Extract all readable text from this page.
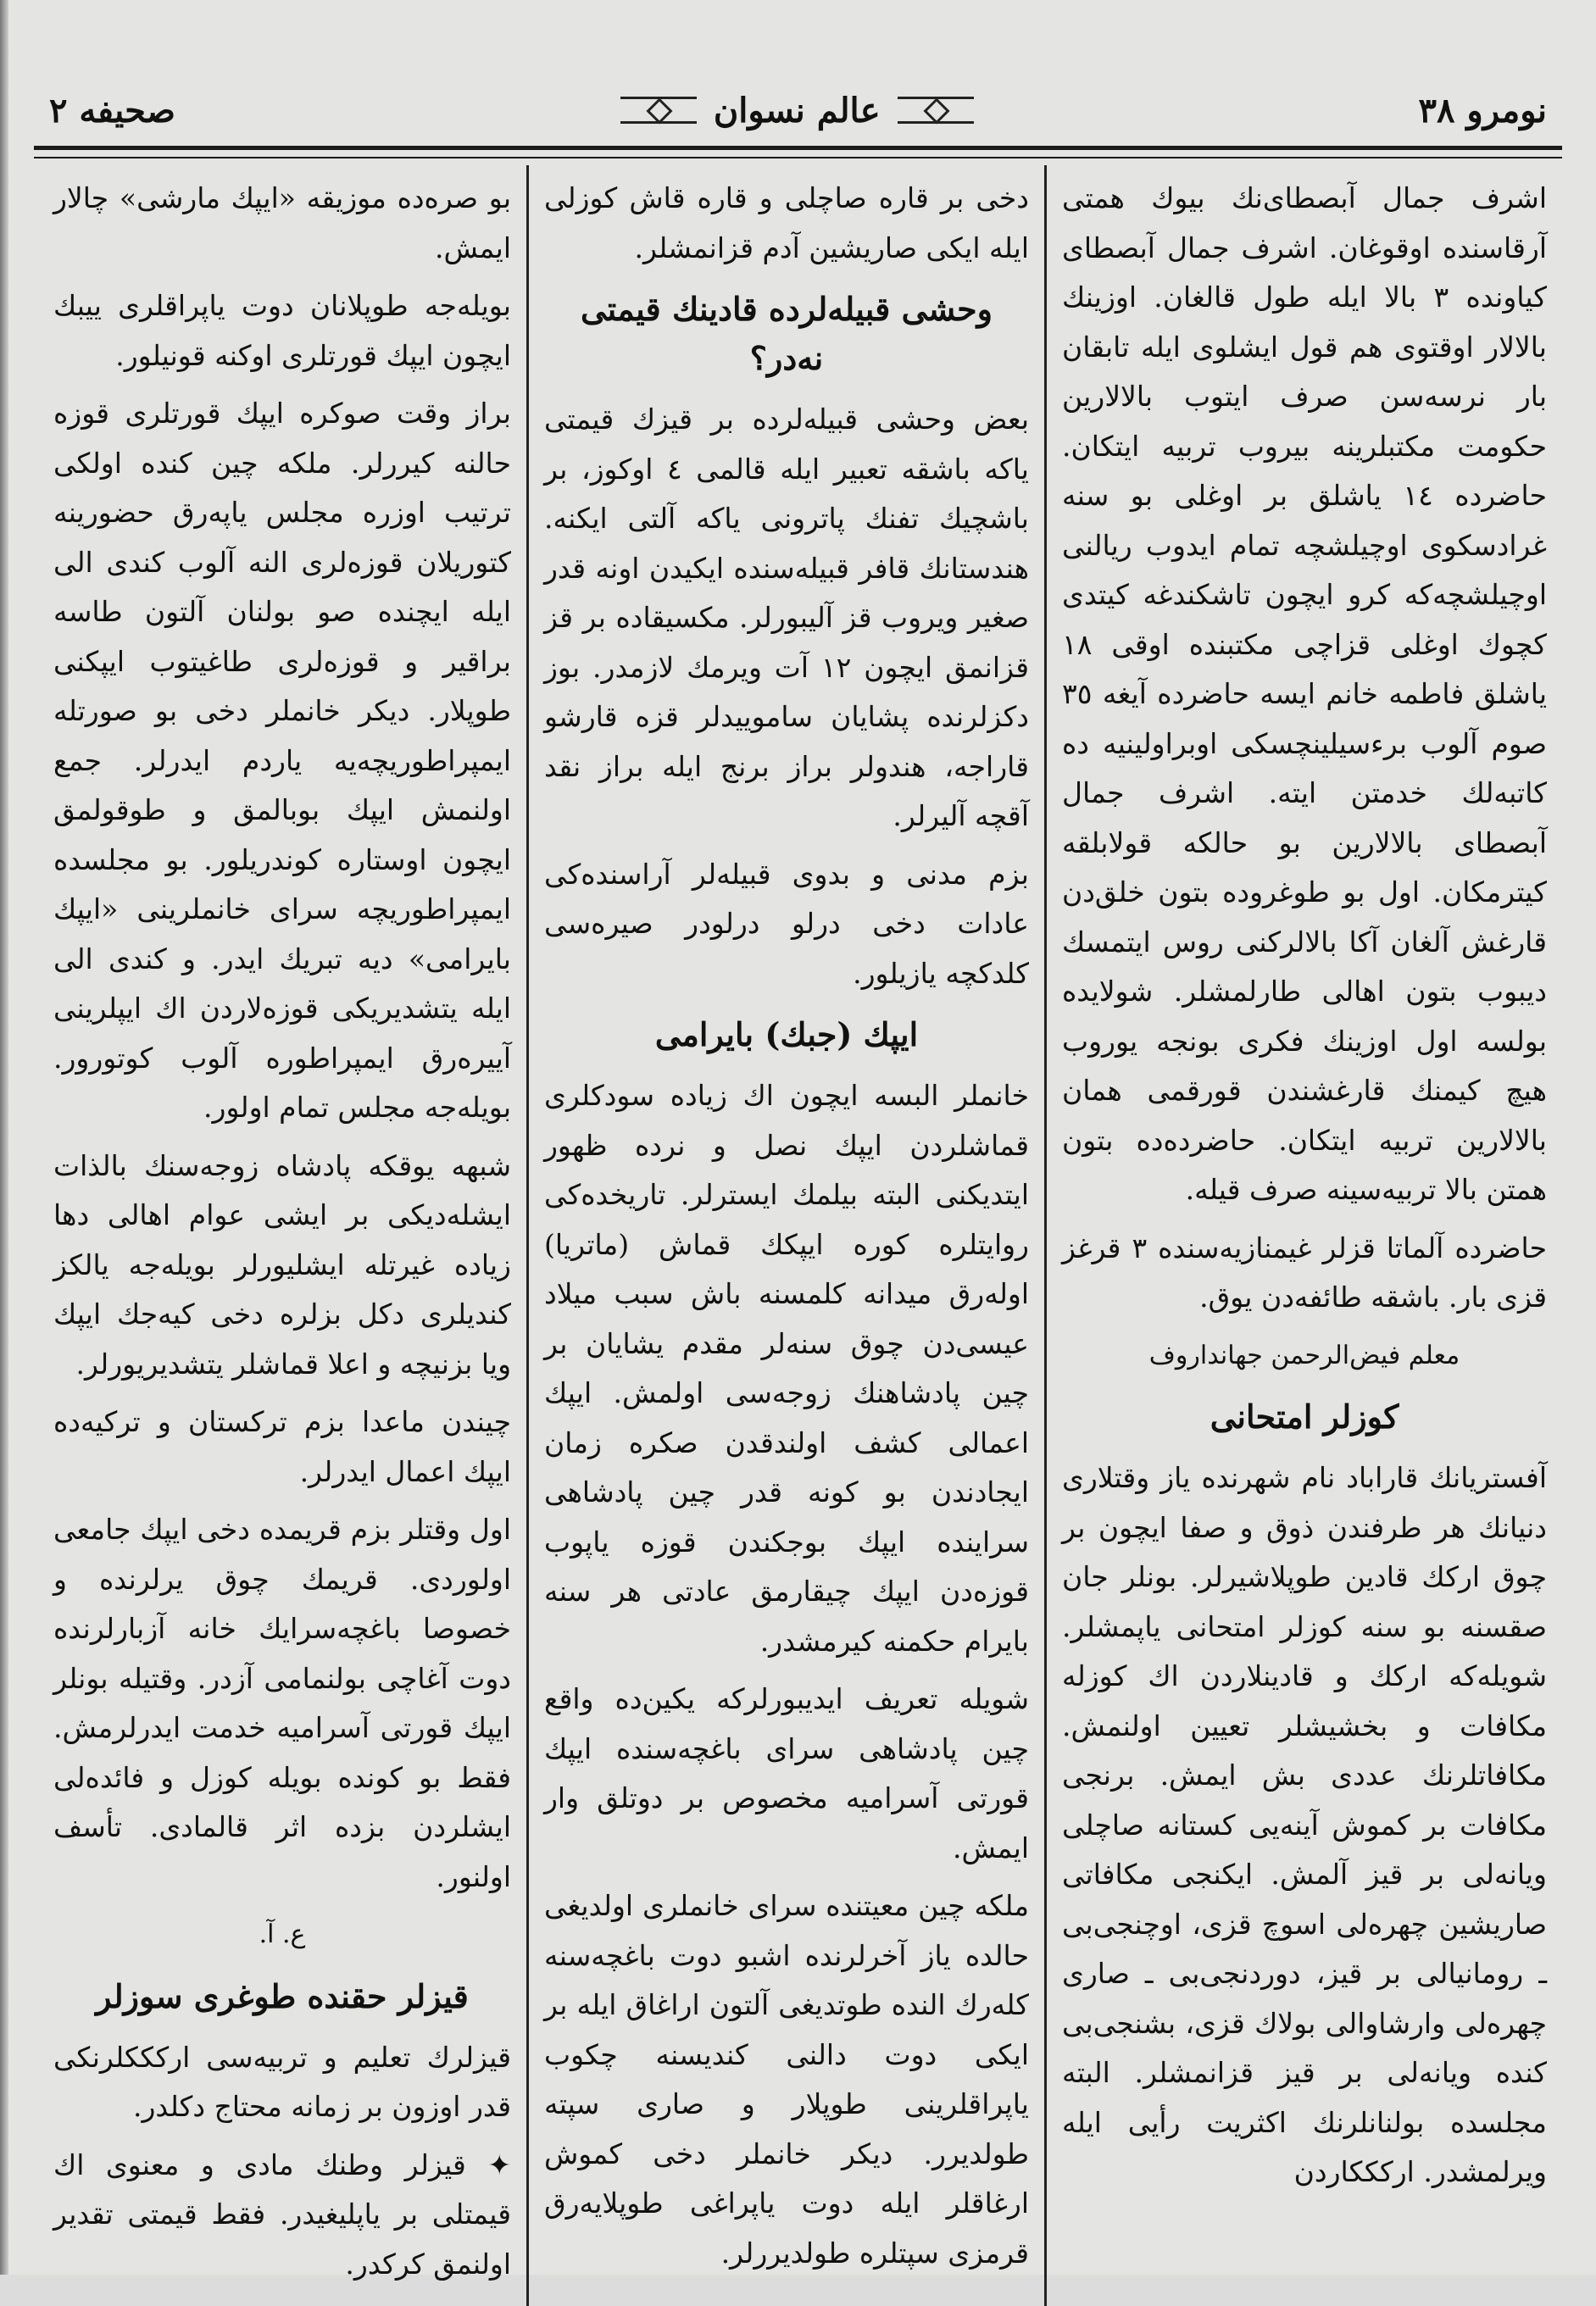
نومرو ٣٨
عالم نسوان
صحيفه ٢

اشرف جمال آبصطای‌نك بيوك همتی آرقاسنده اوقوغان. اشرف جمال آبصطای كياونده ٣ بالا ايله طول قالغان. اوزينك بالالار اوقتوی هم قول ايشلوی ايله تابقان بار نرسه‌سن صرف ايتوب بالالارين حكومت مكتبلرينه بيروب تربيه ايتكان. حاضرده ١٤ ياشلق بر اوغلی بو سنه غرادسكوی اوچيلشچه تمام ايدوب ريالنی اوچيلشچه‌كه كرو ايچون تاشكندغه كيتدی كچوك اوغلی قزاچی مكتبنده اوقی ١٨ ياشلق فاطمه خانم ايسه حاضرده آيغه ٣٥ صوم آلوب برءسيلينچسكی اوبراولينيه ده كاتبه‌لك خدمتن ايته. اشرف جمال آبصطای بالالارين بو حالكه قولابلقه كيترمكان. اول بو طوغروده بتون خلق‌دن قارغش آلغان آكا بالالركنی روس ايتمسك ديبوب بتون اهالی طارلمشلر. شولايده بولسه اول اوزينك فكری بونجه يوروب هيچ كيمنك قارغشندن قورقمی همان بالالارين تربيه ايتكان. حاضرده‌ده بتون همتن بالا تربيه‌سينه صرف قيله.

حاضرده آلماتا قزلر غيمنازيه‌سنده ٣ قرغز قزی بار. باشقه طائفه‌دن يوق.

معلم فيض‌الرحمن جهانداروف
كوزلر امتحانی

آفستريانك قارا‌باد نام شهرنده ياز وقتلاری دنيانك هر طرفندن ذوق و صفا ايچون بر چوق اركك قادين طوپلاشيرلر. بونلر جان صقسنه بو سنه كوزلر امتحانی ياپمشلر. شويله‌كه اركك و قادينلاردن اك كوزله مكافات و بخشيشلر تعيين اولنمش. مكافاتلرنك عددی بش ايمش. برنجی مكافات بر كموش آينه‌يی كستانه صاچلی ويانه‌لی بر قيز آلمش. ايكنجی مكافاتی صاريشين چهره‌لی اسوچ قزی، اوچنجی‌بی ـ رومانيالی بر قيز، دوردنجی‌بی ـ صاری چهره‌لی وارشاوالی بولاك قزی، بشنجی‌بی كنده ويانه‌لی بر قيز قزانمشلر. البته مجلسده بولنانلرنك اكثريت رأيی ايله ويرلمشدر. اركككاردن

دخی بر قاره صاچلی و قاره قاش كوزلی ايله ايكی صاريشين آدم قزانمشلر.

وحشی قبيله‌لرده قادينك قيمتی نه‌در؟

بعض وحشی قبيله‌لرده بر قيزك قيمتی ياكه باشقه تعبير ايله قالمی ٤ اوكوز، بر باشچيك تفنك پاترونی ياكه آلتی ايكنه. هندستانك قافر قبيله‌سنده ايكيدن اونه قدر صغير ويروب قز آليبورلر. مكسيقاده بر قز قزانمق ايچون ١٢ آت ويرمك لازمدر. بوز دكزلرنده پشايان ساموييدلر قزه قارشو قاراجه، هندولر براز برنج ايله براز نقد آقچه آليرلر.

بزم مدنی و بدوی قبيله‌لر آراسنده‌كی عادات دخی درلو درلودر صيره‌سی كلدكچه يازيلور.

ايپك (جبك) بايرامی

خانملر البسه ايچون اك زياده سودكلری قماشلردن ايپك نصل و نرده ظهور ايتديكنی البته بيلمك ايسترلر. تاريخده‌كی روايتلره كوره ايپكك قماش (ماتريا) اوله‌رق ميدانه كلمسنه باش سبب ميلاد عيسی‌دن چوق سنه‌لر مقدم يشايان بر چين پادشاهنك زوجه‌سی اولمش. ايپك اعمالی كشف اولندقدن صكره زمان ايجادندن بو كونه قدر چين پادشاهی سراينده ايپك بوجكندن قوزه ياپوب قوزه‌دن ايپك چيقارمق عادتی هر سنه بايرام حكمنه كيرمشدر.

شويله تعريف ايديبورلركه يكين‌ده واقع چين پادشاهی سرای باغچه‌سنده ايپك قورتی آسراميه مخصوص بر دوتلق وار ايمش.

ملكه چين معيتنده سرای خانملری اولديغی حالده ياز آخرلرنده اشبو دوت باغچه‌سنه كله‌رك النده طوتديغی آلتون اراغاق ايله بر ايكی دوت دالنی كنديسنه چكوب ياپراقلرينی طوپلار و صاری سپته طولديرر. ديكر خانملر دخی كموش ارغاقلر ايله دوت ياپراغی طوپلايه‌رق قرمزی سپتلره طولديررلر.

بو صره‌ده موزيقه «ايپك مارشی» چالار ايمش.

بويله‌جه طوپلانان دوت ياپراقلری ييبك ايچون ايپك قورتلری اوكنه قونيلور.

براز وقت صوكره ايپك قورتلری قوزه حالنه كيررلر. ملكه چين كنده اولكی ترتيب اوزره مجلس ياپه‌رق حضورينه كتوريلان قوزه‌لری النه آلوب كندی الی ايله ايچنده صو بولنان آلتون طاسه براقير و قوزه‌لری طاغيتوب ايپكنی طوپلار. ديكر خانملر دخی بو صورتله ايمپراطوريچه‌يه ياردم ايدرلر. جمع اولنمش ايپك بوبالمق و طوقولمق ايچون اوستاره كوندريلور. بو مجلسده ايمپراطوريچه سرای خانملرينی «ايپك بايرامی» ديه تبريك ايدر. و كندی الی ايله يتشديريكی قوزه‌لاردن اك ايپلرينی آييره‌رق ايمپراطوره آلوب كوتورور. بويله‌جه مجلس تمام اولور.

شبهه يوقكه پادشاه زوجه‌سنك بالذات ايشله‌ديكی بر ايشی عوام اهالی دها زياده غيرتله ايشليورلر بويله‌جه يالكز كنديلری دكل بزلره دخی كيه‌جك ايپك ويا بزنيچه و اعلا قماشلر يتشديريورلر.

چيندن ماعدا بزم تركستان و تركيه‌ده ايپك اعمال ايدرلر.

اول وقتلر بزم قريمده دخی ايپك جامعی اولوردی. قريمك چوق يرلرنده و خصوصا باغچه‌سرايك خانه آزبارلرنده دوت آغاچی بولنمامی آزدر. وقتيله بونلر ايپك قورتی آسراميه خدمت ايدرلرمش. فقط بو كونده بويله كوزل و فائده‌لی ايشلردن بزده اثر قالمادی. تأسف اولنور.

ع. آ.
قيزلر حقنده طوغری سوزلر

قيزلرك تعليم و تربيه‌سی اركككلرنكی قدر اوزون بر زمانه محتاج دكلدر.

✦ قيزلر وطنك مادی و معنوی اك قيمتلی بر ياپليغيدر. فقط قيمتی تقدير اولنمق كركدر.
